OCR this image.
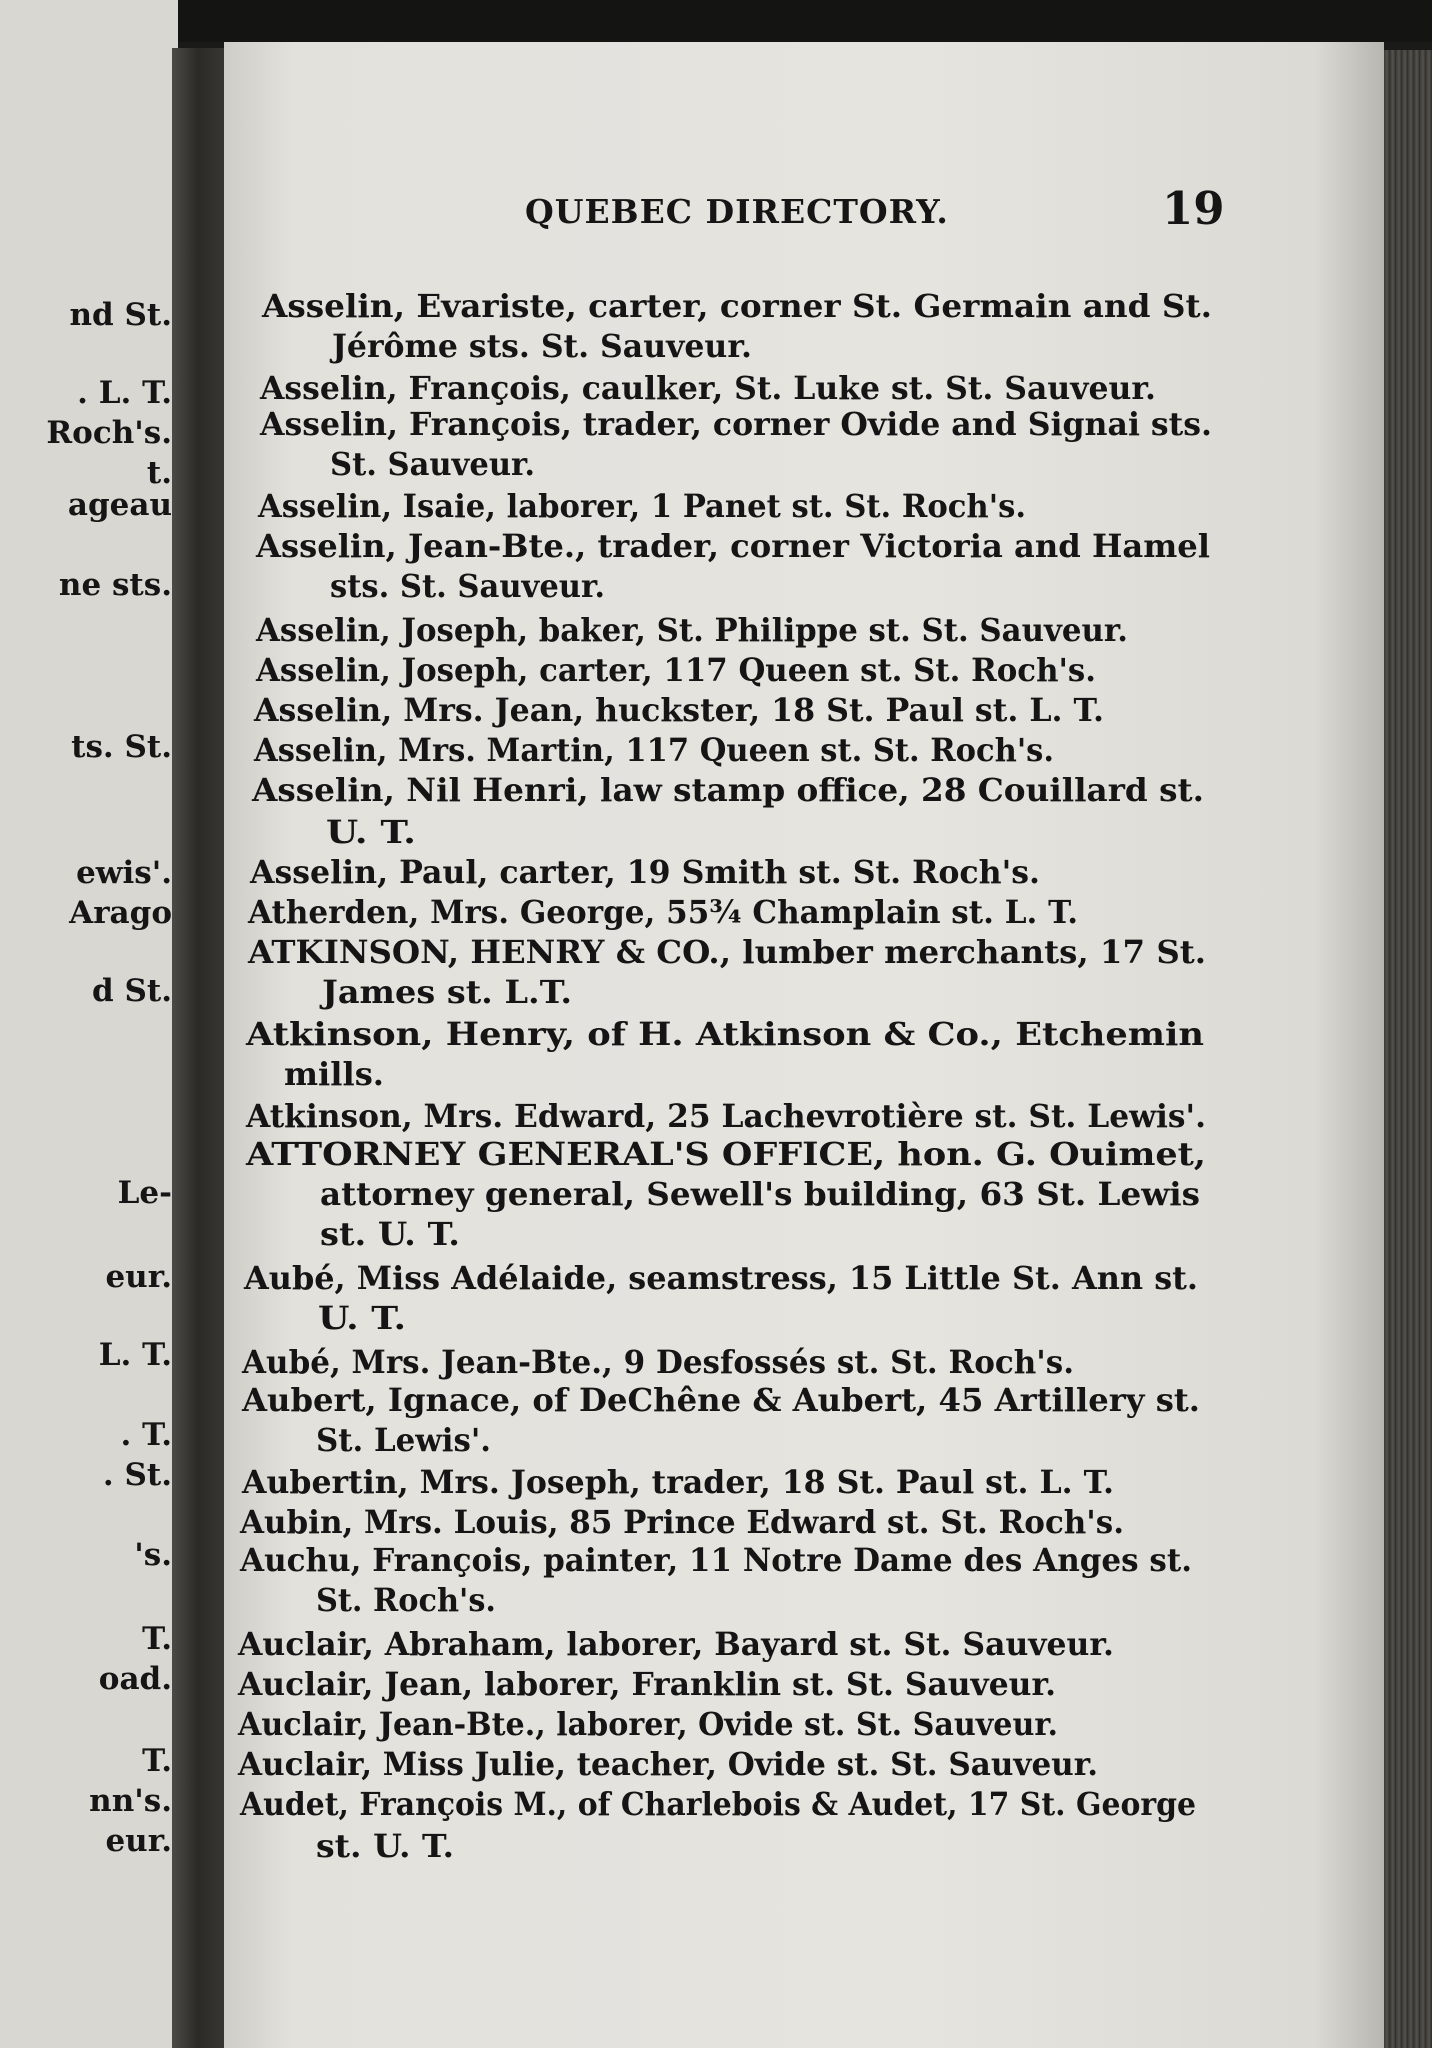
nd St.
. L. T.
Roch's.
t.
ageau
ne sts.
ts. St.
ewis'.
Arago
d St.
Le-
eur.
L. T.
. T.
. St.
's.
T.
oad.
T.
nn's.
eur.
QUEBEC DIRECTORY.	19
Asselin, Evariste, carter, corner St. Germain and St.
Jérôme sts. St. Sauveur.
Asselin, François, caulker, St. Luke st. St. Sauveur.
Asselin, François, trader, corner Ovide and Signai sts.
St. Sauveur.
Asselin, Isaie, laborer, 1 Panet st. St. Roch's.
Asselin, Jean-Bte., trader, corner Victoria and Hamel
sts. St. Sauveur.
Asselin, Joseph, baker, St. Philippe st. St. Sauveur.
Asselin, Joseph, carter, 117 Queen st. St. Roch's.
Asselin, Mrs. Jean, huckster, 18 St. Paul st. L. T.
Asselin, Mrs. Martin, 117 Queen st. St. Roch's.
Asselin, Nil Henri, law stamp office, 28 Couillard st.
U. T.
Asselin, Paul, carter, 19 Smith st. St. Roch's.
Atherden, Mrs. George, 55¾ Champlain st. L. T.
ATKINSON, HENRY & CO., lumber merchants, 17 St.
James st. L.T.
Atkinson, Henry, of H. Atkinson & Co., Etchemin
mills.
Atkinson, Mrs. Edward, 25 Lachevrotière st. St. Lewis'.
ATTORNEY GENERAL'S OFFICE, hon. G. Ouimet,
attorney general, Sewell's building, 63 St. Lewis
st. U. T.
Aubé, Miss Adélaide, seamstress, 15 Little St. Ann st.
U. T.
Aubé, Mrs. Jean-Bte., 9 Desfossés st. St. Roch's.
Aubert, Ignace, of DeChêne & Aubert, 45 Artillery st.
St. Lewis'.
Aubertin, Mrs. Joseph, trader, 18 St. Paul st. L. T.
Aubin, Mrs. Louis, 85 Prince Edward st. St. Roch's.
Auchu, François, painter, 11 Notre Dame des Anges st.
St. Roch's.
Auclair, Abraham, laborer, Bayard st. St. Sauveur.
Auclair, Jean, laborer, Franklin st. St. Sauveur.
Auclair, Jean-Bte., laborer, Ovide st. St. Sauveur.
Auclair, Miss Julie, teacher, Ovide st. St. Sauveur.
Audet, François M., of Charlebois & Audet, 17 St. George
st. U. T.
